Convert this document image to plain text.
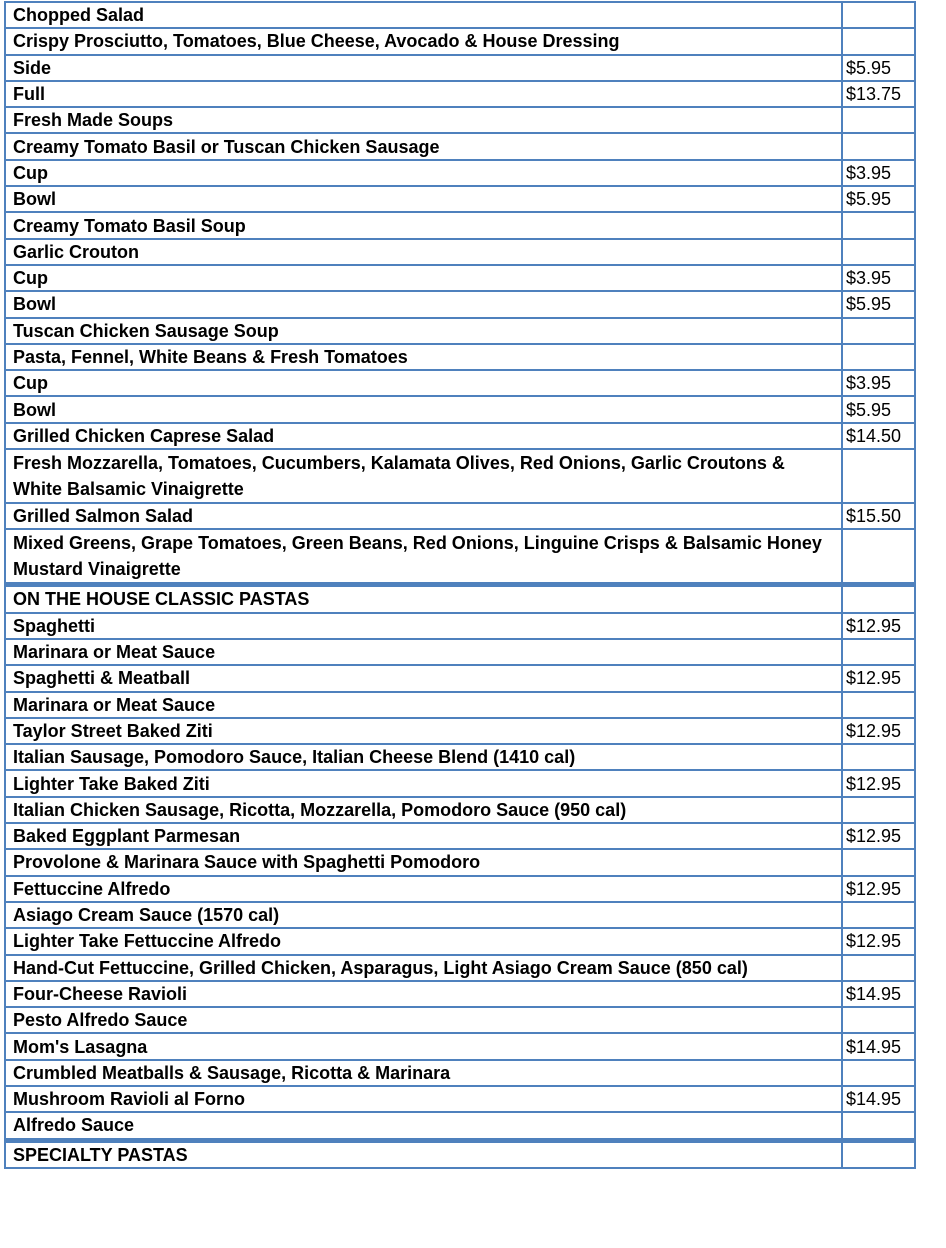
Chopped Salad	
Crispy Prosciutto, Tomatoes, Blue Cheese, Avocado & House Dressing	
Side	$5.95
Full	$13.75
Fresh Made Soups	
Creamy Tomato Basil or Tuscan Chicken Sausage	
Cup	$3.95
Bowl	$5.95
Creamy Tomato Basil Soup	
Garlic Crouton	
Cup	$3.95
Bowl	$5.95
Tuscan Chicken Sausage Soup	
Pasta, Fennel, White Beans & Fresh Tomatoes	
Cup	$3.95
Bowl	$5.95
Grilled Chicken Caprese Salad	$14.50
Fresh Mozzarella, Tomatoes, Cucumbers, Kalamata Olives, Red Onions, Garlic Croutons & White Balsamic Vinaigrette	
Grilled Salmon Salad	$15.50
Mixed Greens, Grape Tomatoes, Green Beans, Red Onions, Linguine Crisps & Balsamic Honey Mustard Vinaigrette	
ON THE HOUSE CLASSIC PASTAS	
Spaghetti	$12.95
Marinara or Meat Sauce	
Spaghetti & Meatball	$12.95
Marinara or Meat Sauce	
Taylor Street Baked Ziti	$12.95
Italian Sausage, Pomodoro Sauce, Italian Cheese Blend (1410 cal)	
Lighter Take Baked Ziti	$12.95
Italian Chicken Sausage, Ricotta, Mozzarella, Pomodoro Sauce (950 cal)	
Baked Eggplant Parmesan	$12.95
Provolone & Marinara Sauce with Spaghetti Pomodoro	
Fettuccine Alfredo	$12.95
Asiago Cream Sauce (1570 cal)	
Lighter Take Fettuccine Alfredo	$12.95
Hand-Cut Fettuccine, Grilled Chicken, Asparagus, Light Asiago Cream Sauce (850 cal)	
Four-Cheese Ravioli	$14.95
Pesto Alfredo Sauce	
Mom's Lasagna	$14.95
Crumbled Meatballs & Sausage, Ricotta & Marinara	
Mushroom Ravioli al Forno	$14.95
Alfredo Sauce	
SPECIALTY PASTAS	
